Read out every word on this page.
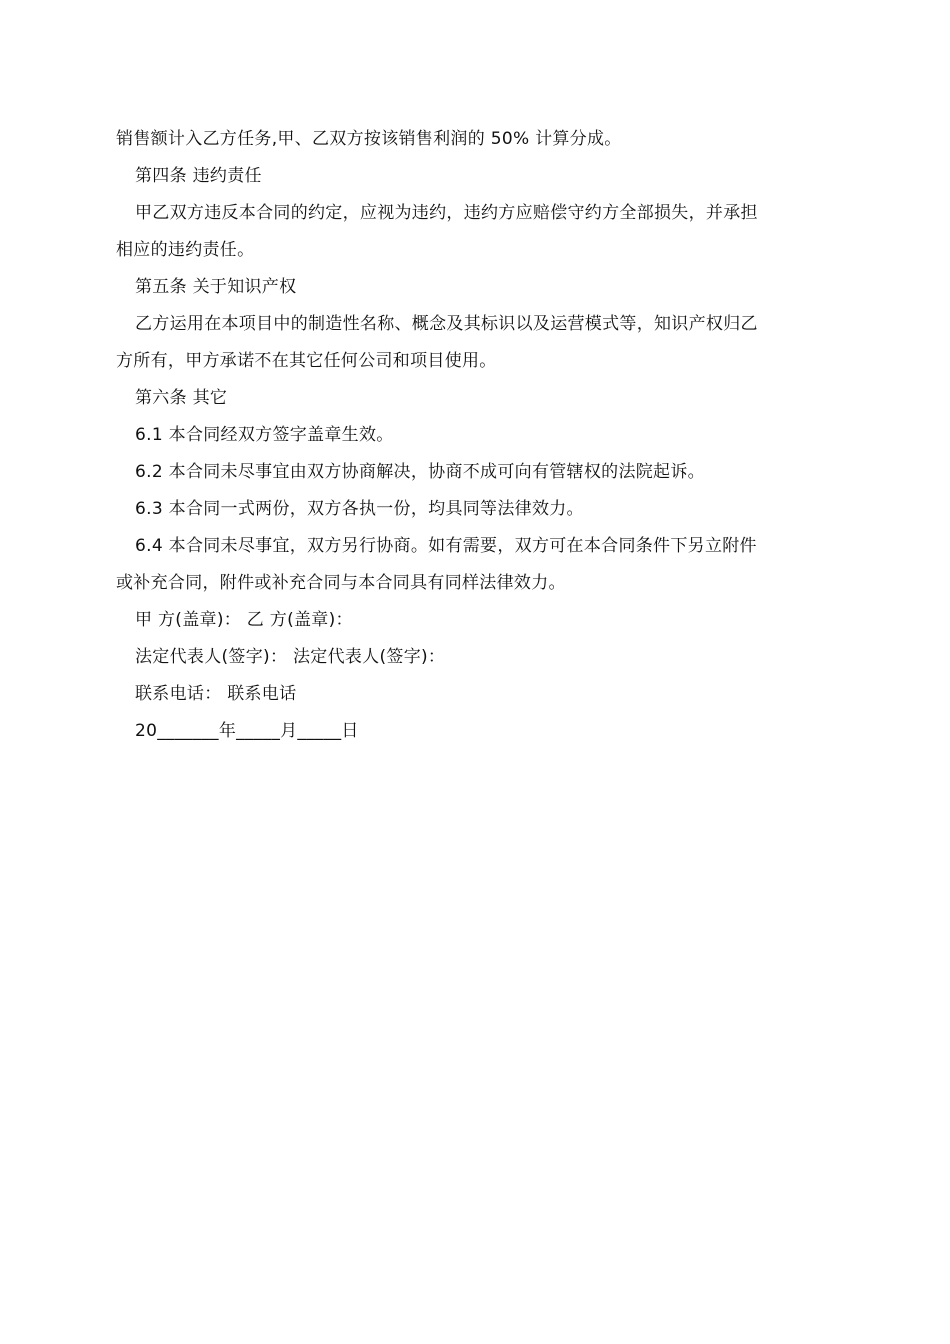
销售额计入乙方任务,甲、乙双方按该销售利润的 50% 计算分成。
第四条 违约责任
甲乙双方违反本合同的约定，应视为违约，违约方应赔偿守约方全部损失，并承担
相应的违约责任。
第五条 关于知识产权
乙方运用在本项目中的制造性名称、概念及其标识以及运营模式等，知识产权归乙
方所有，甲方承诺不在其它任何公司和项目使用。
第六条 其它
6.1 本合同经双方签字盖章生效。
6.2 本合同未尽事宜由双方协商解决，协商不成可向有管辖权的法院起诉。
6.3 本合同一式两份，双方各执一份，均具同等法律效力。
6.4 本合同未尽事宜，双方另行协商。如有需要，双方可在本合同条件下另立附件
或补充合同，附件或补充合同与本合同具有同样法律效力。
甲 方(盖章)： 乙 方(盖章)：
法定代表人(签字)： 法定代表人(签字)：
联系电话： 联系电话
20_______年_____月_____日
